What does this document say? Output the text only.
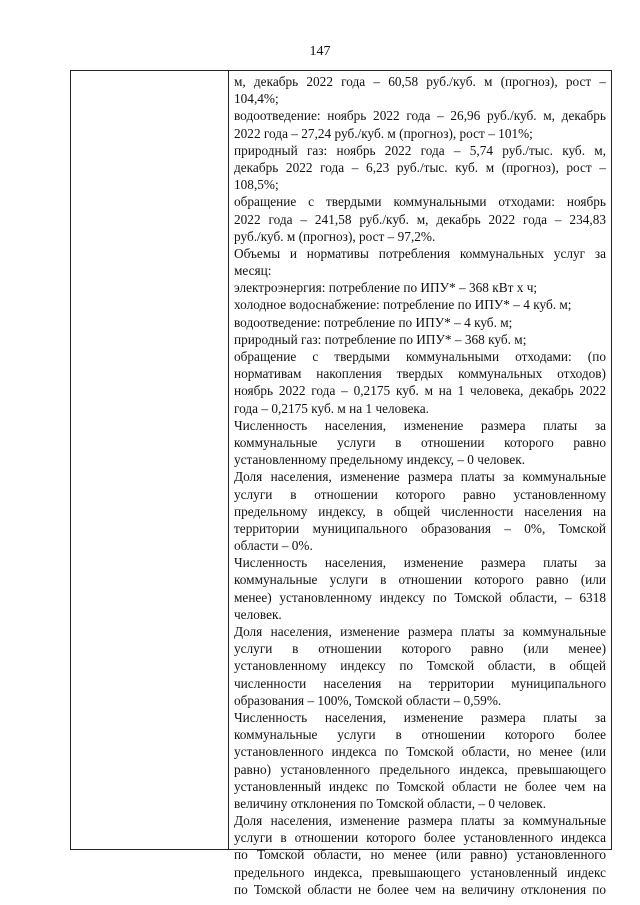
147
м, декабрь 2022 года – 60,58 руб./куб. м (прогноз), рост –
104,4%;
водоотведение: ноябрь 2022 года – 26,96 руб./куб. м, декабрь
2022 года – 27,24 руб./куб. м (прогноз), рост – 101%;
природный газ: ноябрь 2022 года – 5,74 руб./тыс. куб. м,
декабрь 2022 года – 6,23 руб./тыс. куб. м (прогноз), рост –
108,5%;
обращение с твердыми коммунальными отходами: ноябрь
2022 года – 241,58 руб./куб. м, декабрь 2022 года – 234,83
руб./куб. м (прогноз), рост – 97,2%.
Объемы и нормативы потребления коммунальных услуг за
месяц:
электроэнергия: потребление по ИПУ* – 368 кВт х ч;
холодное водоснабжение: потребление по ИПУ* – 4 куб. м;
водоотведение: потребление по ИПУ* – 4 куб. м;
природный газ: потребление по ИПУ* – 368 куб. м;
обращение с твердыми коммунальными отходами: (по
нормативам накопления твердых коммунальных отходов)
ноябрь 2022 года – 0,2175 куб. м на 1 человека, декабрь 2022
года – 0,2175 куб. м на 1 человека.
Численность населения, изменение размера платы за
коммунальные услуги в отношении которого равно
установленному предельному индексу, – 0 человек.
Доля населения, изменение размера платы за коммунальные
услуги в отношении которого равно установленному
предельному индексу, в общей численности населения на
территории муниципального образования – 0%, Томской
области – 0%.
Численность населения, изменение размера платы за
коммунальные услуги в отношении которого равно (или
менее) установленному индексу по Томской области, – 6318
человек.
Доля населения, изменение размера платы за коммунальные
услуги в отношении которого равно (или менее)
установленному индексу по Томской области, в общей
численности населения на территории муниципального
образования – 100%, Томской области – 0,59%.
Численность населения, изменение размера платы за
коммунальные услуги в отношении которого более
установленного индекса по Томской области, но менее (или
равно) установленного предельного индекса, превышающего
установленный индекс по Томской области не более чем на
величину отклонения по Томской области, – 0 человек.
Доля населения, изменение размера платы за коммунальные
услуги в отношении которого более установленного индекса
по Томской области, но менее (или равно) установленного
предельного индекса, превышающего установленный индекс
по Томской области не более чем на величину отклонения по
